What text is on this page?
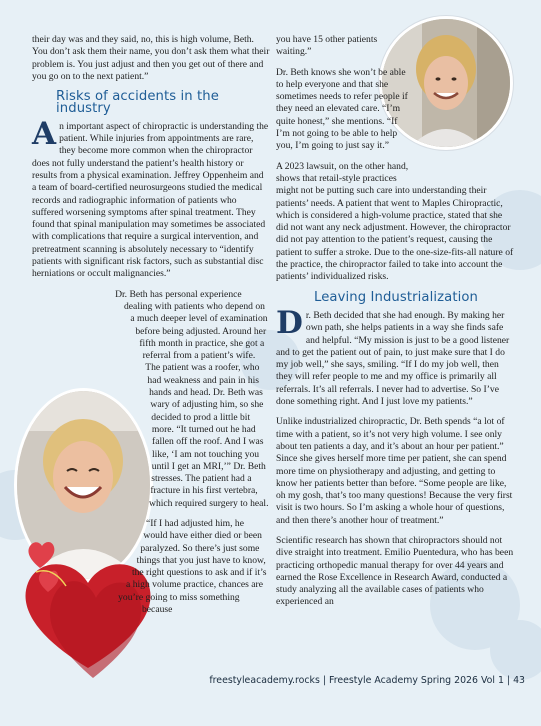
their day was and they said, no, this is high volume, Beth. You don’t ask them their name, you don’t ask them what their problem is. You just adjust and then you get out of there and you go on to the next patient.”

Risks of accidents in the industry

An important aspect of chiropractic is understanding the patient. While injuries from appointments are rare, they become more common when the chiropractor does not fully understand the patient’s health history or results from a physical examination. Jeffrey Oppenheim and a team of board-certified neurosurgeons studied the medical records and radiographic information of patients who suffered worsening symptoms after spinal treatment. They found that spinal manipulation may sometimes be associated with complications that require a surgical intervention, and pretreatment scanning is absolutely necessary to “identify patients with significant risk factors, such as substantial disc herniations or occult malignancies.”

Dr. Beth has personal experience dealing with patients who depend on a much deeper level of examination before being adjusted. Around her fifth month in practice, she got a referral from a patient’s wife. The patient was a roofer, who had weakness and pain in his hands and head. Dr. Beth was wary of adjusting him, so she decided to prod a little bit more. “It turned out he had fallen off the roof. And I was like, ‘I am not touching you until I get an MRI,’” Dr. Beth stresses. The patient had a fracture in his first vertebra, which required surgery to heal.

“If I had adjusted him, he would have either died or been paralyzed. So there’s just some things that you just have to know, the right questions to ask and if it’s a high volume practice, chances are you’re going to miss something because

you have 15 other patients waiting.”

Dr. Beth knows she won’t be able to help everyone and that she sometimes needs to refer people if they need an elevated care. “I’m quite honest,” she mentions. “If I’m not going to be able to help you, I’m going to just say it.”

A 2023 lawsuit, on the other hand, shows that retail-style practices might not be putting such care into understanding their patients’ needs. A patient that went to Maples Chiropractic, which is considered a high-volume practice, stated that she did not want any neck adjustment. However, the chiropractor did not pay attention to the patient’s request, causing the patient to suffer a stroke. Due to the one-size-fits-all nature of the practice, the chiropractor failed to take into account the patients’ individualized risks.

Leaving Industrialization

Dr. Beth decided that she had enough. By making her own path, she helps patients in a way she finds safe and helpful. “My mission is just to be a good listener and to get the patient out of pain, to just make sure that I do my job well,” she says, smiling. “If I do my job well, then they will refer people to me and my office is primarily all referrals. It’s all referrals. I never had to advertise. So I’ve done something right. And I just love my patients.”

Unlike industrialized chiropractic, Dr. Beth spends “a lot of time with a patient, so it’s not very high volume. I see only about ten patients a day, and it’s about an hour per patient.” Since she gives herself more time per patient, she can spend more time on physiotherapy and adjusting, and getting to know her patients better than before. “Some people are like, oh my gosh, that’s too many questions! Because the very first visit is two hours. So I’m asking a whole hour of questions, and then there’s another hour of treatment.”

Scientific research has shown that chiropractors should not dive straight into treatment. Emilio Puentedura, who has been practicing orthopedic manual therapy for over 44 years and earned the Rose Excellence in Research Award, conducted a study analyzing all the available cases of patients who experienced an

freestyleacademy.rocks | Freestyle Academy Spring 2026 Vol 1 | 43
